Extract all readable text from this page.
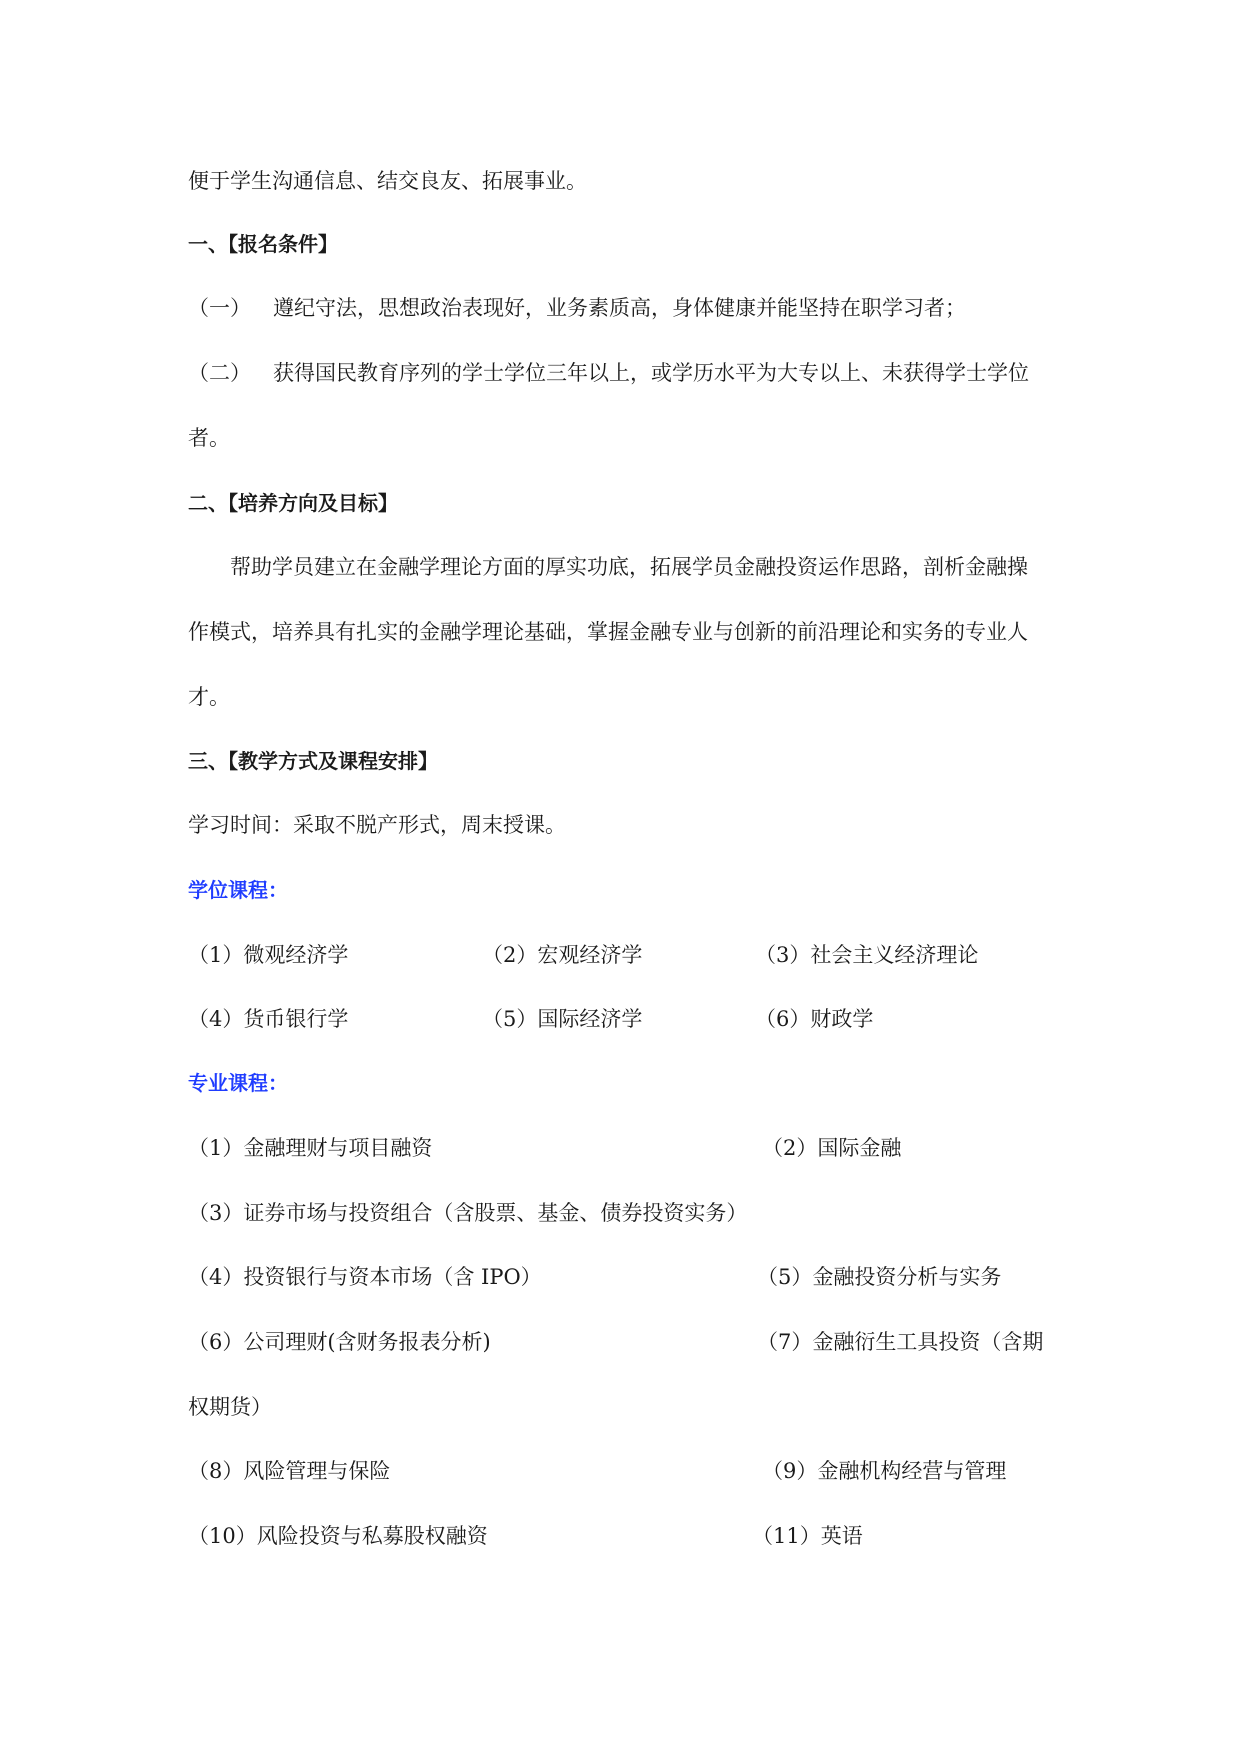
便于学生沟通信息、结交良友、拓展事业。
一、【报名条件】
（一） 遵纪守法，思想政治表现好，业务素质高，身体健康并能坚持在职学习者；
（二） 获得国民教育序列的学士学位三年以上，或学历水平为大专以上、未获得学士学位
者。
二、【培养方向及目标】
帮助学员建立在金融学理论方面的厚实功底，拓展学员金融投资运作思路，剖析金融操
作模式，培养具有扎实的金融学理论基础，掌握金融专业与创新的前沿理论和实务的专业人
才。
三、【教学方式及课程安排】
学习时间：采取不脱产形式，周末授课。
学位课程：
（1）微观经济学	（2）宏观经济学	（3）社会主义经济理论
（4）货币银行学	（5）国际经济学	（6）财政学
专业课程：
（1）金融理财与项目融资	（2）国际金融
（3）证券市场与投资组合（含股票、基金、债券投资实务）
（4）投资银行与资本市场（含 IPO）	（5）金融投资分析与实务
（6）公司理财(含财务报表分析)	（7）金融衍生工具投资（含期
权期货）
（8）风险管理与保险	（9）金融机构经营与管理
（10）风险投资与私募股权融资	（11）英语
